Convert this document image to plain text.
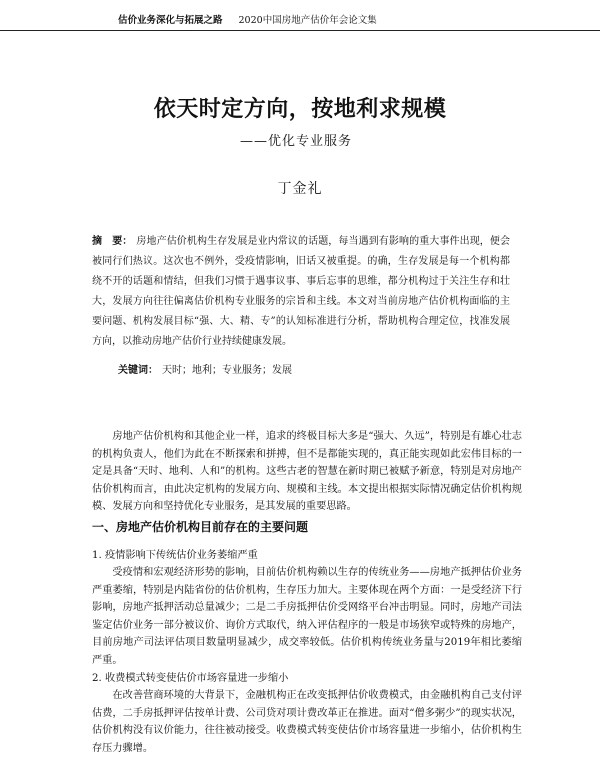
估价业务深化与拓展之路 2020中国房地产估价年会论文集
依天时定方向，按地利求规模
——优化专业服务
丁金礼
摘　要： 房地产估价机构生存发展是业内常议的话题，每当遇到有影响的重大事件出现，便会被同行们热议。这次也不例外，受疫情影响，旧话又被重提。的确，生存发展是每一个机构都绕不开的话题和情结，但我们习惯于遇事议事、事后忘事的思维，都分机构过于关注生存和壮大，发展方向往往偏离估价机构专业服务的宗旨和主线。本文对当前房地产估价机构面临的主要问题、机构发展目标“强、大、精、专”的认知标准进行分析，帮助机构合理定位，找准发展方向，以推动房地产估价行业持续健康发展。
关键词： 天时；地利；专业服务；发展
房地产估价机构和其他企业一样，追求的终极目标大多是“强大、久远”，特别是有雄心壮志的机构负责人，他们为此在不断探索和拼搏，但不是都能实现的，真正能实现如此宏伟目标的一定是具备“天时、地利、人和”的机构。这些古老的智慧在新时期已被赋予新意，特别是对房地产估价机构而言，由此决定机构的发展方向、规模和主线。本文提出根据实际情况确定估价机构规模、发展方向和坚持优化专业服务，是其发展的重要思路。
一、房地产估价机构目前存在的主要问题
1. 疫情影响下传统估价业务萎缩严重
受疫情和宏观经济形势的影响，目前估价机构赖以生存的传统业务——房地产抵押估价业务严重萎缩，特别是内陆省份的估价机构，生存压力加大。主要体现在两个方面：一是受经济下行影响，房地产抵押活动总量减少；二是二手房抵押估价受网络平台冲击明显。同时，房地产司法鉴定估价业务一部分被议价、询价方式取代，纳入评估程序的一般是市场狭窄或特殊的房地产，目前房地产司法评估项目数量明显减少，成交率较低。估价机构传统业务量与2019年相比萎缩严重。
2. 收费模式转变使估价市场容量进一步缩小
在改善营商环境的大背景下，金融机构正在改变抵押估价收费模式，由金融机构自己支付评估费，二手房抵押评估按单计费、公司贷对项计费改革正在推进。面对“僧多粥少”的现实状况，估价机构没有议价能力，往往被动接受。收费模式转变使估价市场容量进一步缩小，估价机构生存压力骤增。
